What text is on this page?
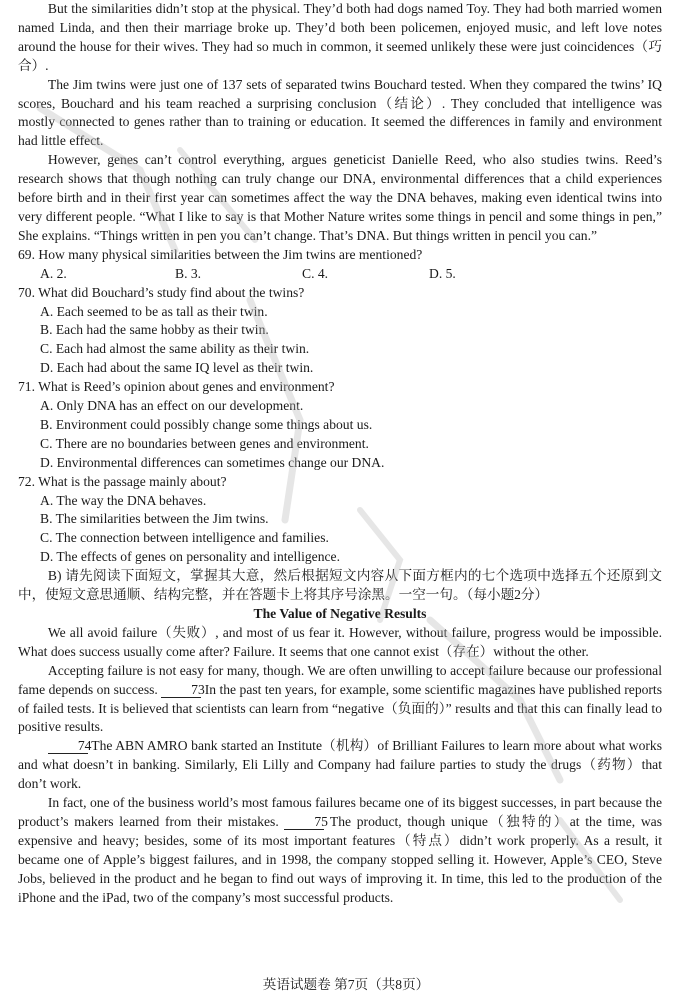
But the similarities didn’t stop at the physical. They’d both had dogs named Toy. They had both married women named Linda, and then their marriage broke up. They’d both been policemen, enjoyed music, and left love notes around the house for their wives. They had so much in common, it seemed unlikely these were just coincidences（巧合）.

The Jim twins were just one of 137 sets of separated twins Bouchard tested. When they compared the twins’ IQ scores, Bouchard and his team reached a surprising conclusion（结论）. They concluded that intelligence was mostly connected to genes rather than to training or education. It seemed the differences in family and environment had little effect.

However, genes can’t control everything, argues geneticist Danielle Reed, who also studies twins. Reed’s research shows that though nothing can truly change our DNA, environmental differences that a child experiences before birth and in their first year can sometimes affect the way the DNA behaves, making even identical twins into very different people. “What I like to say is that Mother Nature writes some things in pencil and some things in pen,” She explains. “Things written in pen you can’t change. That’s DNA. But things written in pencil you can.”

69. How many physical similarities between the Jim twins are mentioned?
A. 2.	B. 3.	C. 4.	D. 5.
70. What did Bouchard’s study find about the twins?
A. Each seemed to be as tall as their twin.
B. Each had the same hobby as their twin.
C. Each had almost the same ability as their twin.
D. Each had about the same IQ level as their twin.
71. What is Reed’s opinion about genes and environment?
A. Only DNA has an effect on our development.
B. Environment could possibly change some things about us.
C. There are no boundaries between genes and environment.
D. Environmental differences can sometimes change our DNA.
72. What is the passage mainly about?
A. The way the DNA behaves.
B. The similarities between the Jim twins.
C. The connection between intelligence and families.
D. The effects of genes on personality and intelligence.

B) 请先阅读下面短文，掌握其大意，然后根据短文内容从下面方框内的七个选项中选择五个还原到文中，使短文意思通顺、结构完整，并在答题卡上将其序号涂黑。一空一句。（每小题2分）

The Value of Negative Results

We all avoid failure（失败）, and most of us fear it. However, without failure, progress would be impossible. What does success usually come after? Failure. It seems that one cannot exist（存在）without the other.

Accepting failure is not easy for many, though. We are often unwilling to accept failure because our professional fame depends on success. 73 In the past ten years, for example, some scientific magazines have published reports of failed tests. It is believed that scientists can learn from “negative（负面的）” results and that this can finally lead to positive results.

74 The ABN AMRO bank started an Institute（机构）of Brilliant Failures to learn more about what works and what doesn’t in banking. Similarly, Eli Lilly and Company had failure parties to study the drugs（药物）that don’t work.

In fact, one of the business world’s most famous failures became one of its biggest successes, in part because the product’s makers learned from their mistakes.	75 The product, though unique（独特的）at the time, was expensive and heavy; besides, some of its most important features（特点）didn’t work properly. As a result, it became one of Apple’s biggest failures, and in 1998, the company stopped selling it. However, Apple’s CEO, Steve Jobs, believed in the product and he began to find out ways of improving it. In time, this led to the production of the iPhone and the iPad, two of the company’s most successful products.

英语试题卷 第7页（共8页）
